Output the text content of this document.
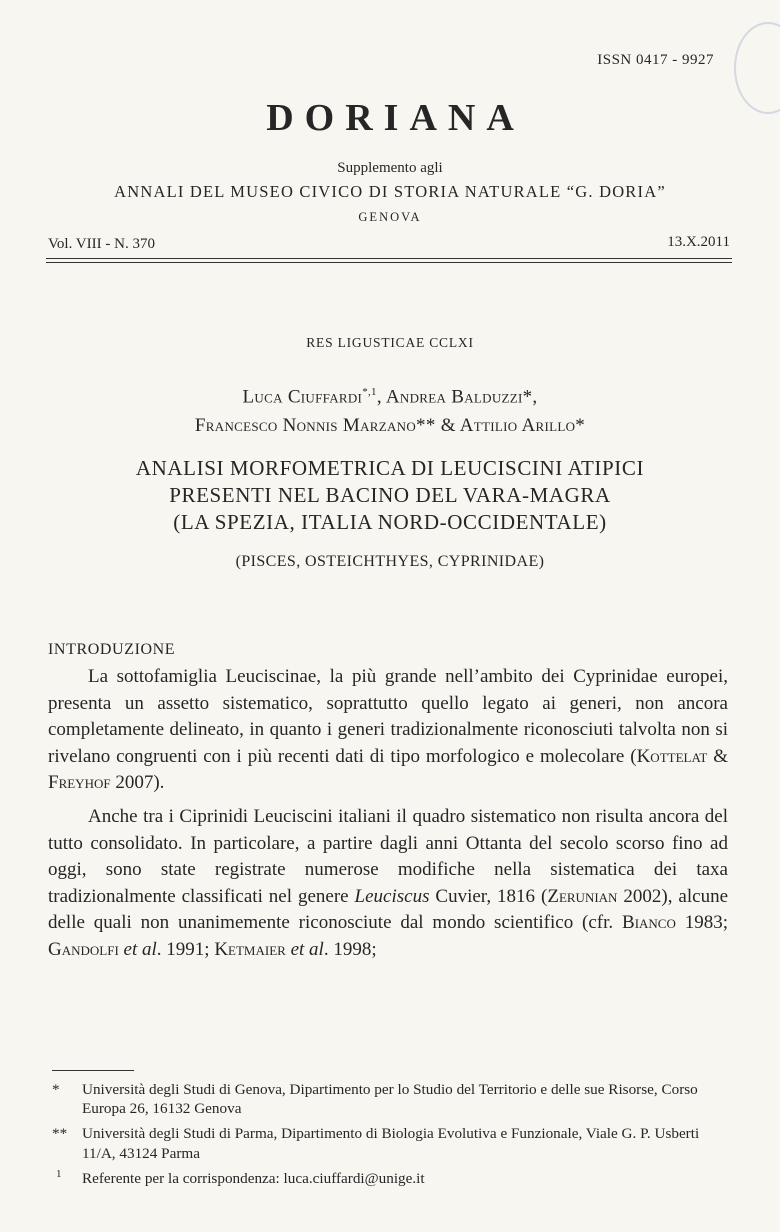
ISSN 0417 - 9927
DORIANA
Supplemento agli
ANNALI DEL MUSEO CIVICO DI STORIA NATURALE “G. DORIA”
GENOVA
Vol. VIII - N. 370	13.X.2011
RES LIGUSTICAE CCLXI
Luca Ciuffardi$^{*,1}$, Andrea Balduzzi*,
Francesco Nonnis Marzano** & Attilio Arillo*
ANALISI MORFOMETRICA DI LEUCISCINI ATIPICI
PRESENTI NEL BACINO DEL VARA-MAGRA
(LA SPEZIA, ITALIA NORD-OCCIDENTALE)
(PISCES, OSTEICHTHYES, CYPRINIDAE)
INTRODUZIONE

La sottofamiglia Leuciscinae, la più grande nell’ambito dei Cyprinidae europei, presenta un assetto sistematico, soprattutto quello legato ai generi, non ancora completamente delineato, in quanto i generi tradizionalmente riconosciuti talvolta non si rivelano congruenti con i più recenti dati di tipo morfologico e molecolare (Kottelat & Freyhof 2007).

Anche tra i Ciprinidi Leuciscini italiani il quadro sistematico non risulta ancora del tutto consolidato. In particolare, a partire dagli anni Ottanta del secolo scorso fino ad oggi, sono state registrate numerose modifiche nella sistematica dei taxa tradizionalmente classificati nel genere Leuciscus Cuvier, 1816 (Zerunian 2002), alcune delle quali non unanimemente riconosciute dal mondo scientifico (cfr. Bianco 1983; Gandolfi et al. 1991; Ketmaier et al. 1998;

* Università degli Studi di Genova, Dipartimento per lo Studio del Territorio e delle sue Risorse, Corso Europa 26, 16132 Genova
** Università degli Studi di Parma, Dipartimento di Biologia Evolutiva e Funzionale, Viale G. P. Usberti 11/A, 43124 Parma
1 Referente per la corrispondenza: luca.ciuffardi@unige.it
